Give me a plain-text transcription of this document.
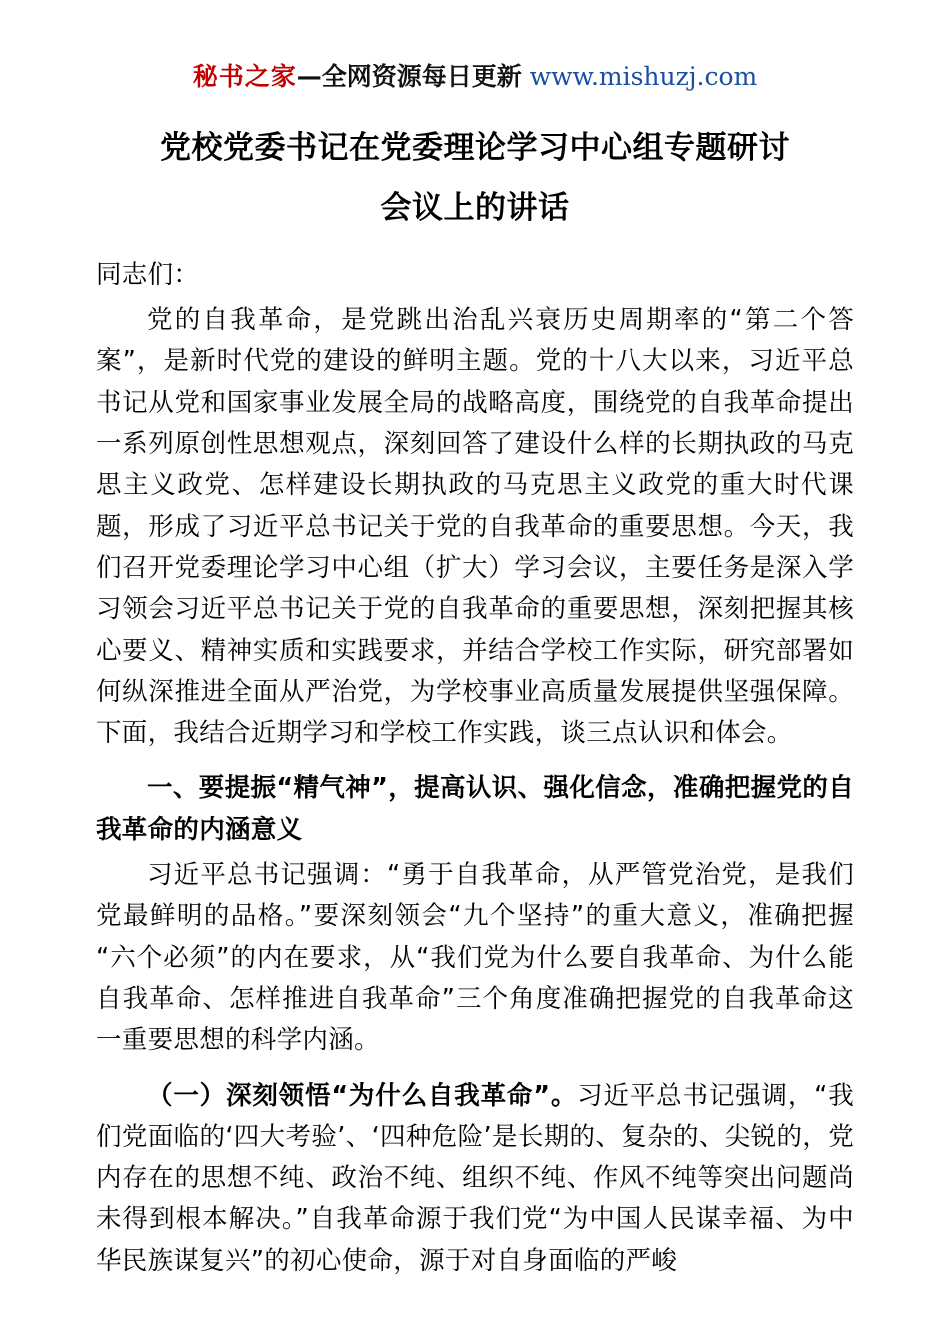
秘书之家—全网资源每日更新 www.mishuzj.com
党校党委书记在党委理论学习中心组专题研讨
会议上的讲话

同志们：

党的自我革命，是党跳出治乱兴衰历史周期率的“第二个答案”，是新时代党的建设的鲜明主题。党的十八大以来，习近平总书记从党和国家事业发展全局的战略高度，围绕党的自我革命提出一系列原创性思想观点，深刻回答了建设什么样的长期执政的马克思主义政党、怎样建设长期执政的马克思主义政党的重大时代课题，形成了习近平总书记关于党的自我革命的重要思想。今天，我们召开党委理论学习中心组（扩大）学习会议，主要任务是深入学习领会习近平总书记关于党的自我革命的重要思想，深刻把握其核心要义、精神实质和实践要求，并结合学校工作实际，研究部署如何纵深推进全面从严治党，为学校事业高质量发展提供坚强保障。下面，我结合近期学习和学校工作实践，谈三点认识和体会。

一、要提振“精气神”，提高认识、强化信念，准确把握党的自我革命的内涵意义

习近平总书记强调：“勇于自我革命，从严管党治党，是我们党最鲜明的品格。”要深刻领会“九个坚持”的重大意义，准确把握“六个必须”的内在要求，从“我们党为什么要自我革命、为什么能自我革命、怎样推进自我革命”三个角度准确把握党的自我革命这一重要思想的科学内涵。

（一）深刻领悟“为什么自我革命”。习近平总书记强调，“我们党面临的‘四大考验’、‘四种危险’是长期的、复杂的、尖锐的，党内存在的思想不纯、政治不纯、组织不纯、作风不纯等突出问题尚未得到根本解决。”自我革命源于我们党“为中国人民谋幸福、为中华民族谋复兴”的初心使命，源于对自身面临的严峻
